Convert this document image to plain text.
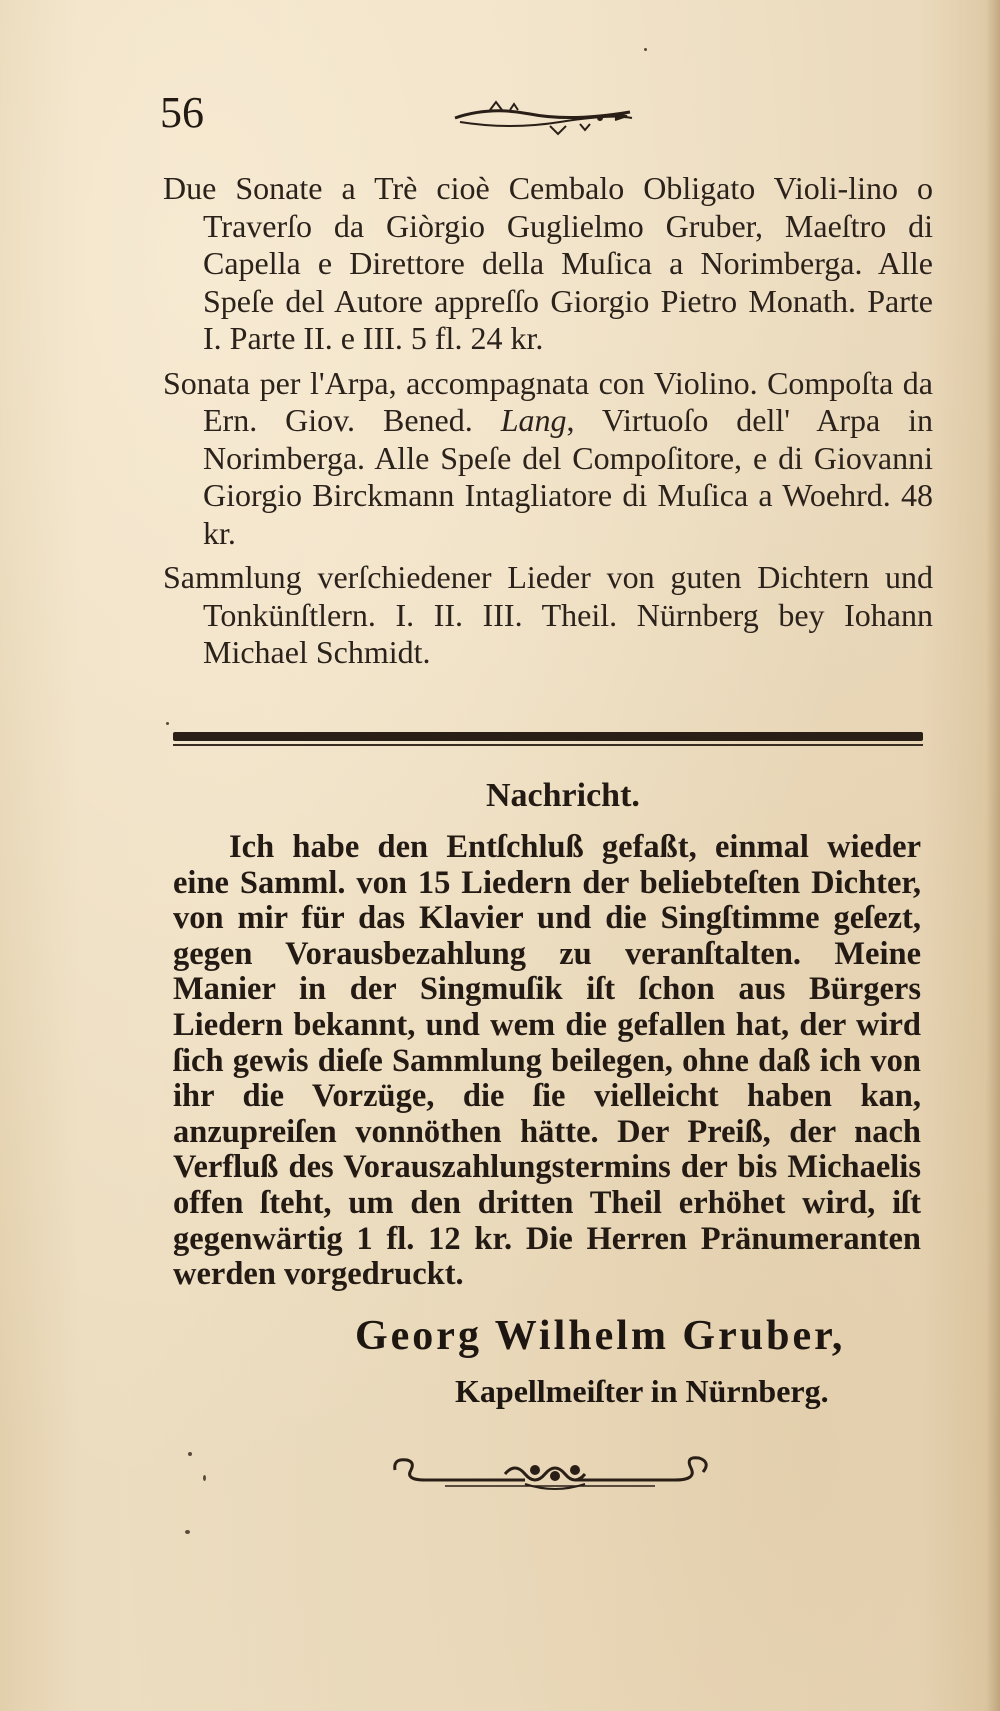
56

Due Sonate a Trè cioè Cembalo Obligato Violi-lino o Traverſo da Giòrgio Guglielmo Gruber, Maeſtro di Capella e Direttore della Muſica a Norimberga. Alle Speſe del Autore appreſſo Giorgio Pietro Monath. Parte I. Parte II. e III. 5 fl. 24 kr.

Sonata per l'Arpa, accompagnata con Violino. Compoſta da Ern. Giov. Bened. Lang, Virtuoſo dell' Arpa in Norimberga. Alle Speſe del Compoſitore, e di Giovanni Giorgio Birckmann Intagliatore di Muſica a Woehrd. 48 kr.

Sammlung verſchiedener Lieder von guten Dichtern und Tonkünſtlern. I. II. III. Theil. Nürnberg bey Iohann Michael Schmidt.

Nachricht.
Ich habe den Entſchluß gefaßt, einmal wieder eine Samml. von 15 Liedern der beliebteſten Dichter, von mir für das Klavier und die Singſtimme geſezt, gegen Vorausbezahlung zu veranſtalten. Meine Manier in der Singmuſik iſt ſchon aus Bürgers Liedern bekannt, und wem die gefallen hat, der wird ſich gewis dieſe Sammlung beilegen, ohne daß ich von ihr die Vorzüge, die ſie vielleicht haben kan, anzupreiſen vonnöthen hätte. Der Preiß, der nach Verfluß des Vorauszahlungstermins der bis Michaelis offen ſteht, um den dritten Theil erhöhet wird, iſt gegenwärtig 1 fl. 12 kr. Die Herren Pränumeranten werden vorgedruckt.
Georg Wilhelm Gruber,
Kapellmeiſter in Nürnberg.
